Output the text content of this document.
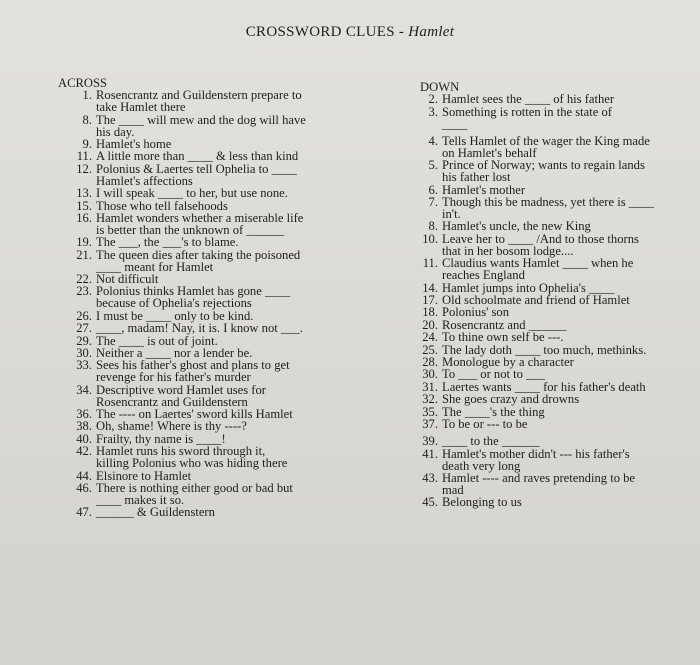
CROSSWORD CLUES - Hamlet
ACROSS
1. Rosencrantz and Guildenstern prepare to
take Hamlet there
8. The ____ will mew and the dog will have
his day.
9. Hamlet's home
11. A little more than ____ & less than kind
12. Polonius & Laertes tell Ophelia to ____
Hamlet's affections
13. I will speak ____ to her, but use none.
15. Those who tell falsehoods
16. Hamlet wonders whether a miserable life
is better than the unknown of ______
19. The ___, the ___'s to blame.
21. The queen dies after taking the poisoned
____ meant for Hamlet
22. Not difficult
23. Polonius thinks Hamlet has gone ____
because of Ophelia's rejections
26. I must be ____ only to be kind.
27. ____, madam! Nay, it is. I know not ___.
29. The ____ is out of joint.
30. Neither a ____ nor a lender be.
33. Sees his father's ghost and plans to get
revenge for his father's murder
34. Descriptive word Hamlet uses for
Rosencrantz and Guildenstern
36. The ---- on Laertes' sword kills Hamlet
38. Oh, shame! Where is thy ----?
40. Frailty, thy name is ____!
42. Hamlet runs his sword through it,
killing Polonius who was hiding there
44. Elsinore to Hamlet
46. There is nothing either good or bad but
____ makes it so.
47. ______ & Guildenstern
DOWN
2. Hamlet sees the ____ of his father
3. Something is rotten in the state of
____
4. Tells Hamlet of the wager the King made
on Hamlet's behalf
5. Prince of Norway; wants to regain lands
his father lost
6. Hamlet's mother
7. Though this be madness, yet there is ____
in't.
8. Hamlet's uncle, the new King
10. Leave her to ____ /And to those thorns
that in her bosom lodge....
11. Claudius wants Hamlet ____ when he
reaches England
14. Hamlet jumps into Ophelia's ____
17. Old schoolmate and friend of Hamlet
18. Polonius' son
20. Rosencrantz and ______
24. To thine own self be ---.
25. The lady doth ____ too much, methinks.
28. Monologue by a character
30. To ___ or not to ___
31. Laertes wants ____ for his father's death
32. She goes crazy and drowns
35. The ____'s the thing
37. To be or --- to be
39. ____ to the ______
41. Hamlet's mother didn't --- his father's
death very long
43. Hamlet ---- and raves pretending to be
mad
45. Belonging to us
